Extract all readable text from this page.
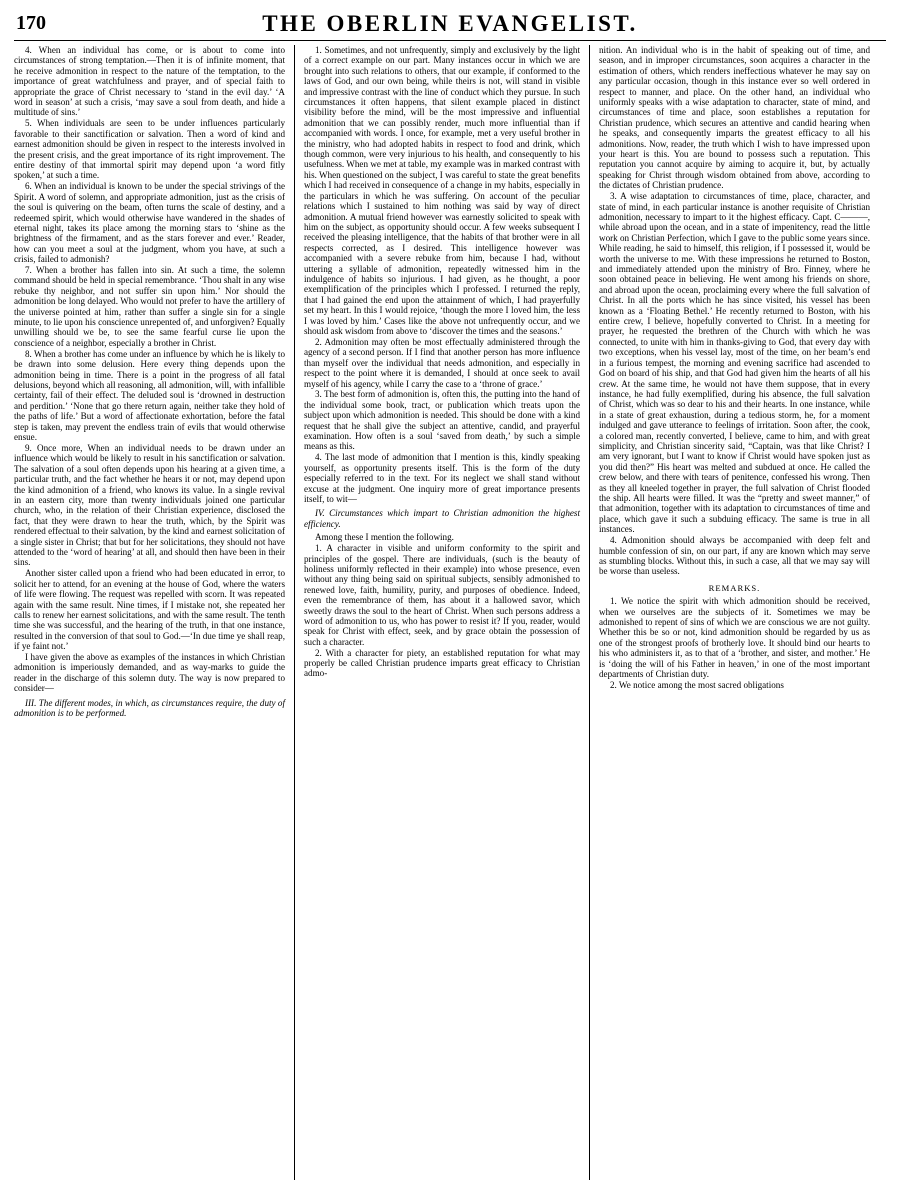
170	THE OBERLIN EVANGELIST.

4. When an individual has come, or is about to come into circumstances of strong temptation.—Then it is of infinite moment, that he receive admonition in respect to the nature of the temptation, to the importance of great watchfulness and prayer, and of special faith to appropriate the grace of Christ necessary to ‘stand in the evil day.’ ‘A word in season’ at such a crisis, ‘may save a soul from death, and hide a multitude of sins.’

5. When individuals are seen to be under influences particularly favorable to their sanctification or salvation. Then a word of kind and earnest admonition should be given in respect to the interests involved in the present crisis, and the great importance of its right improvement. The entire destiny of that immortal spirit may depend upon ‘a word fitly spoken,’ at such a time.

6. When an individual is known to be under the special strivings of the Spirit. A word of solemn, and appropriate admonition, just as the crisis of the soul is quivering on the beam, often turns the scale of destiny, and a redeemed spirit, which would otherwise have wandered in the shades of eternal night, takes its place among the morning stars to ‘shine as the brightness of the firmament, and as the stars forever and ever.’ Reader, how can you meet a soul at the judgment, whom you have, at such a crisis, failed to admonish?

7. When a brother has fallen into sin. At such a time, the solemn command should be held in special remembrance. ‘Thou shalt in any wise rebuke thy neighbor, and not suffer sin upon him.’ Nor should the admonition be long delayed. Who would not prefer to have the artillery of the universe pointed at him, rather than suffer a single sin for a single minute, to lie upon his conscience unrepented of, and unforgiven? Equally unwilling should we be, to see the same fearful curse lie upon the conscience of a neighbor, especially a brother in Christ.

8. When a brother has come under an influence by which he is likely to be drawn into some delusion. Here every thing depends upon the admonition being in time. There is a point in the progress of all fatal delusions, beyond which all reasoning, all admonition, will, with infallible certainty, fail of their effect. The deluded soul is ‘drowned in destruction and perdition.’ ‘None that go there return again, neither take they hold of the paths of life.’ But a word of affectionate exhortation, before the fatal step is taken, may prevent the endless train of evils that would otherwise ensue.

9. Once more, When an individual needs to be drawn under an influence which would be likely to result in his sanctification or salvation. The salvation of a soul often depends upon his hearing at a given time, a particular truth, and the fact whether he hears it or not, may depend upon the kind admonition of a friend, who knows its value. In a single revival in an eastern city, more than twenty individuals joined one particular church, who, in the relation of their Christian experience, disclosed the fact, that they were drawn to hear the truth, which, by the Spirit was rendered effectual to their salvation, by the kind and earnest solicitation of a single sister in Christ; that but for her solicitations, they should not have attended to the ‘word of hearing’ at all, and should then have been in their sins.

Another sister called upon a friend who had been educated in error, to solicit her to attend, for an evening at the house of God, where the waters of life were flowing. The request was repelled with scorn. It was repeated again with the same result. Nine times, if I mistake not, she repeated her calls to renew her earnest solicitations, and with the same result. The tenth time she was successful, and the hearing of the truth, in that one instance, resulted in the conversion of that soul to God.—‘In due time ye shall reap, if ye faint not.’

I have given the above as examples of the instances in which Christian admonition is imperiously demanded, and as way-marks to guide the reader in the discharge of this solemn duty. The way is now prepared to consider—

III. The different modes, in which, as circumstances require, the duty of admonition is to be performed.

1. Sometimes, and not unfrequently, simply and exclusively by the light of a correct example on our part. Many instances occur in which we are brought into such relations to others, that our example, if conformed to the laws of God, and our own being, while theirs is not, will stand in visible and impressive contrast with the line of conduct which they pursue. In such circumstances it often happens, that silent example placed in distinct visibility before the mind, will be the most impressive and influential admonition that we can possibly render, much more influential than if accompanied with words. I once, for example, met a very useful brother in the ministry, who had adopted habits in respect to food and drink, which though common, were very injurious to his health, and consequently to his usefulness. When we met at table, my example was in marked contrast with his. When questioned on the subject, I was careful to state the great benefits which I had received in consequence of a change in my habits, especially in the particulars in which he was suffering. On account of the peculiar relations which I sustained to him nothing was said by way of direct admonition. A mutual friend however was earnestly solicited to speak with him on the subject, as opportunity should occur. A few weeks subsequent I received the pleasing intelligence, that the habits of that brother were in all respects corrected, as I desired. This intelligence however was accompanied with a severe rebuke from him, because I had, without uttering a syllable of admonition, repeatedly witnessed him in the indulgence of habits so injurious. I had given, as he thought, a poor exemplification of the principles which I professed. I returned the reply, that I had gained the end upon the attainment of which, I had prayerfully set my heart. In this I would rejoice, ‘though the more I loved him, the less I was loved by him.’ Cases like the above not unfrequently occur, and we should ask wisdom from above to ‘discover the times and the seasons.’

2. Admonition may often be most effectually administered through the agency of a second person. If I find that another person has more influence than myself over the individual that needs admonition, and especially in respect to the point where it is demanded, I should at once seek to avail myself of his agency, while I carry the case to a ‘throne of grace.’

3. The best form of admonition is, often this, the putting into the hand of the individual some book, tract, or publication which treats upon the subject upon which admonition is needed. This should be done with a kind request that he shall give the subject an attentive, candid, and prayerful examination. How often is a soul ‘saved from death,’ by such a simple means as this.

4. The last mode of admonition that I mention is this, kindly speaking yourself, as opportunity presents itself. This is the form of the duty especially referred to in the text. For its neglect we shall stand without excuse at the judgment. One inquiry more of great importance presents itself, to wit—

IV. Circumstances which impart to Christian admonition the highest efficiency.

Among these I mention the following.

1. A character in visible and uniform conformity to the spirit and principles of the gospel. There are individuals, (such is the beauty of holiness uniformly reflected in their example) into whose presence, even without any thing being said on spiritual subjects, sensibly admonished to renewed love, faith, humility, purity, and purposes of obedience. Indeed, even the remembrance of them, has about it a hallowed savor, which sweetly draws the soul to the heart of Christ. When such persons address a word of admonition to us, who has power to resist it? If you, reader, would speak for Christ with effect, seek, and by grace obtain the possession of such a character.

2. With a character for piety, an established reputation for what may properly be called Christian prudence imparts great efficacy to Christian admo-

nition. An individual who is in the habit of speaking out of time, and season, and in improper circumstances, soon acquires a character in the estimation of others, which renders ineffectious whatever he may say on any particular occasion, though in this instance ever so well ordered in respect to manner, and place. On the other hand, an individual who uniformly speaks with a wise adaptation to character, state of mind, and circumstances of time and place, soon establishes a reputation for Christian prudence, which secures an attentive and candid hearing when he speaks, and consequently imparts the greatest efficacy to all his admonitions. Now, reader, the truth which I wish to have impressed upon your heart is this. You are bound to possess such a reputation. This reputation you cannot acquire by aiming to acquire it, but, by actually speaking for Christ through wisdom obtained from above, according to the dictates of Christian prudence.

3. A wise adaptation to circumstances of time, place, character, and state of mind, in each particular instance is another requisite of Christian admonition, necessary to impart to it the highest efficacy. Capt. C———, while abroad upon the ocean, and in a state of impenitency, read the little work on Christian Perfection, which I gave to the public some years since. While reading, he said to himself, this religion, if I possessed it, would be worth the universe to me. With these impressions he returned to Boston, and immediately attended upon the ministry of Bro. Finney, where he soon obtained peace in believing. He went among his friends on shore, and abroad upon the ocean, proclaiming every where the full salvation of Christ. In all the ports which he has since visited, his vessel has been known as a ‘Floating Bethel.’ He recently returned to Boston, with his entire crew, I believe, hopefully converted to Christ. In a meeting for prayer, he requested the brethren of the Church with which he was connected, to unite with him in thanks-giving to God, that every day with two exceptions, when his vessel lay, most of the time, on her beam’s end in a furious tempest, the morning and evening sacrifice had ascended to God on board of his ship, and that God had given him the hearts of all his crew. At the same time, he would not have them suppose, that in every instance, he had fully exemplified, during his absence, the full salvation of Christ, which was so dear to his and their hearts. In one instance, while in a state of great exhaustion, during a tedious storm, he, for a moment indulged and gave utterance to feelings of irritation. Soon after, the cook, a colored man, recently converted, I believe, came to him, and with great simplicity, and Christian sincerity said, “Captain, was that like Christ? I am very ignorant, but I want to know if Christ would have spoken just as you did then?” His heart was melted and subdued at once. He called the crew below, and there with tears of penitence, confessed his wrong. Then as they all kneeled together in prayer, the full salvation of Christ flooded the ship. All hearts were filled. It was the “pretty and sweet manner,” of that admonition, together with its adaptation to circumstances of time and place, which gave it such a subduing efficacy. The same is true in all instances.

4. Admonition should always be accompanied with deep felt and humble confession of sin, on our part, if any are known which may serve as stumbling blocks. Without this, in such a case, all that we may say will be worse than useless.

REMARKS.

1. We notice the spirit with which admonition should be received, when we ourselves are the subjects of it. Sometimes we may be admonished to repent of sins of which we are conscious we are not guilty. Whether this be so or not, kind admonition should be regarded by us as one of the strongest proofs of brotherly love. It should bind our hearts to his who administers it, as to that of a ‘brother, and sister, and mother.’ He is ‘doing the will of his Father in heaven,’ in one of the most important departments of Christian duty.

2. We notice among the most sacred obligations
